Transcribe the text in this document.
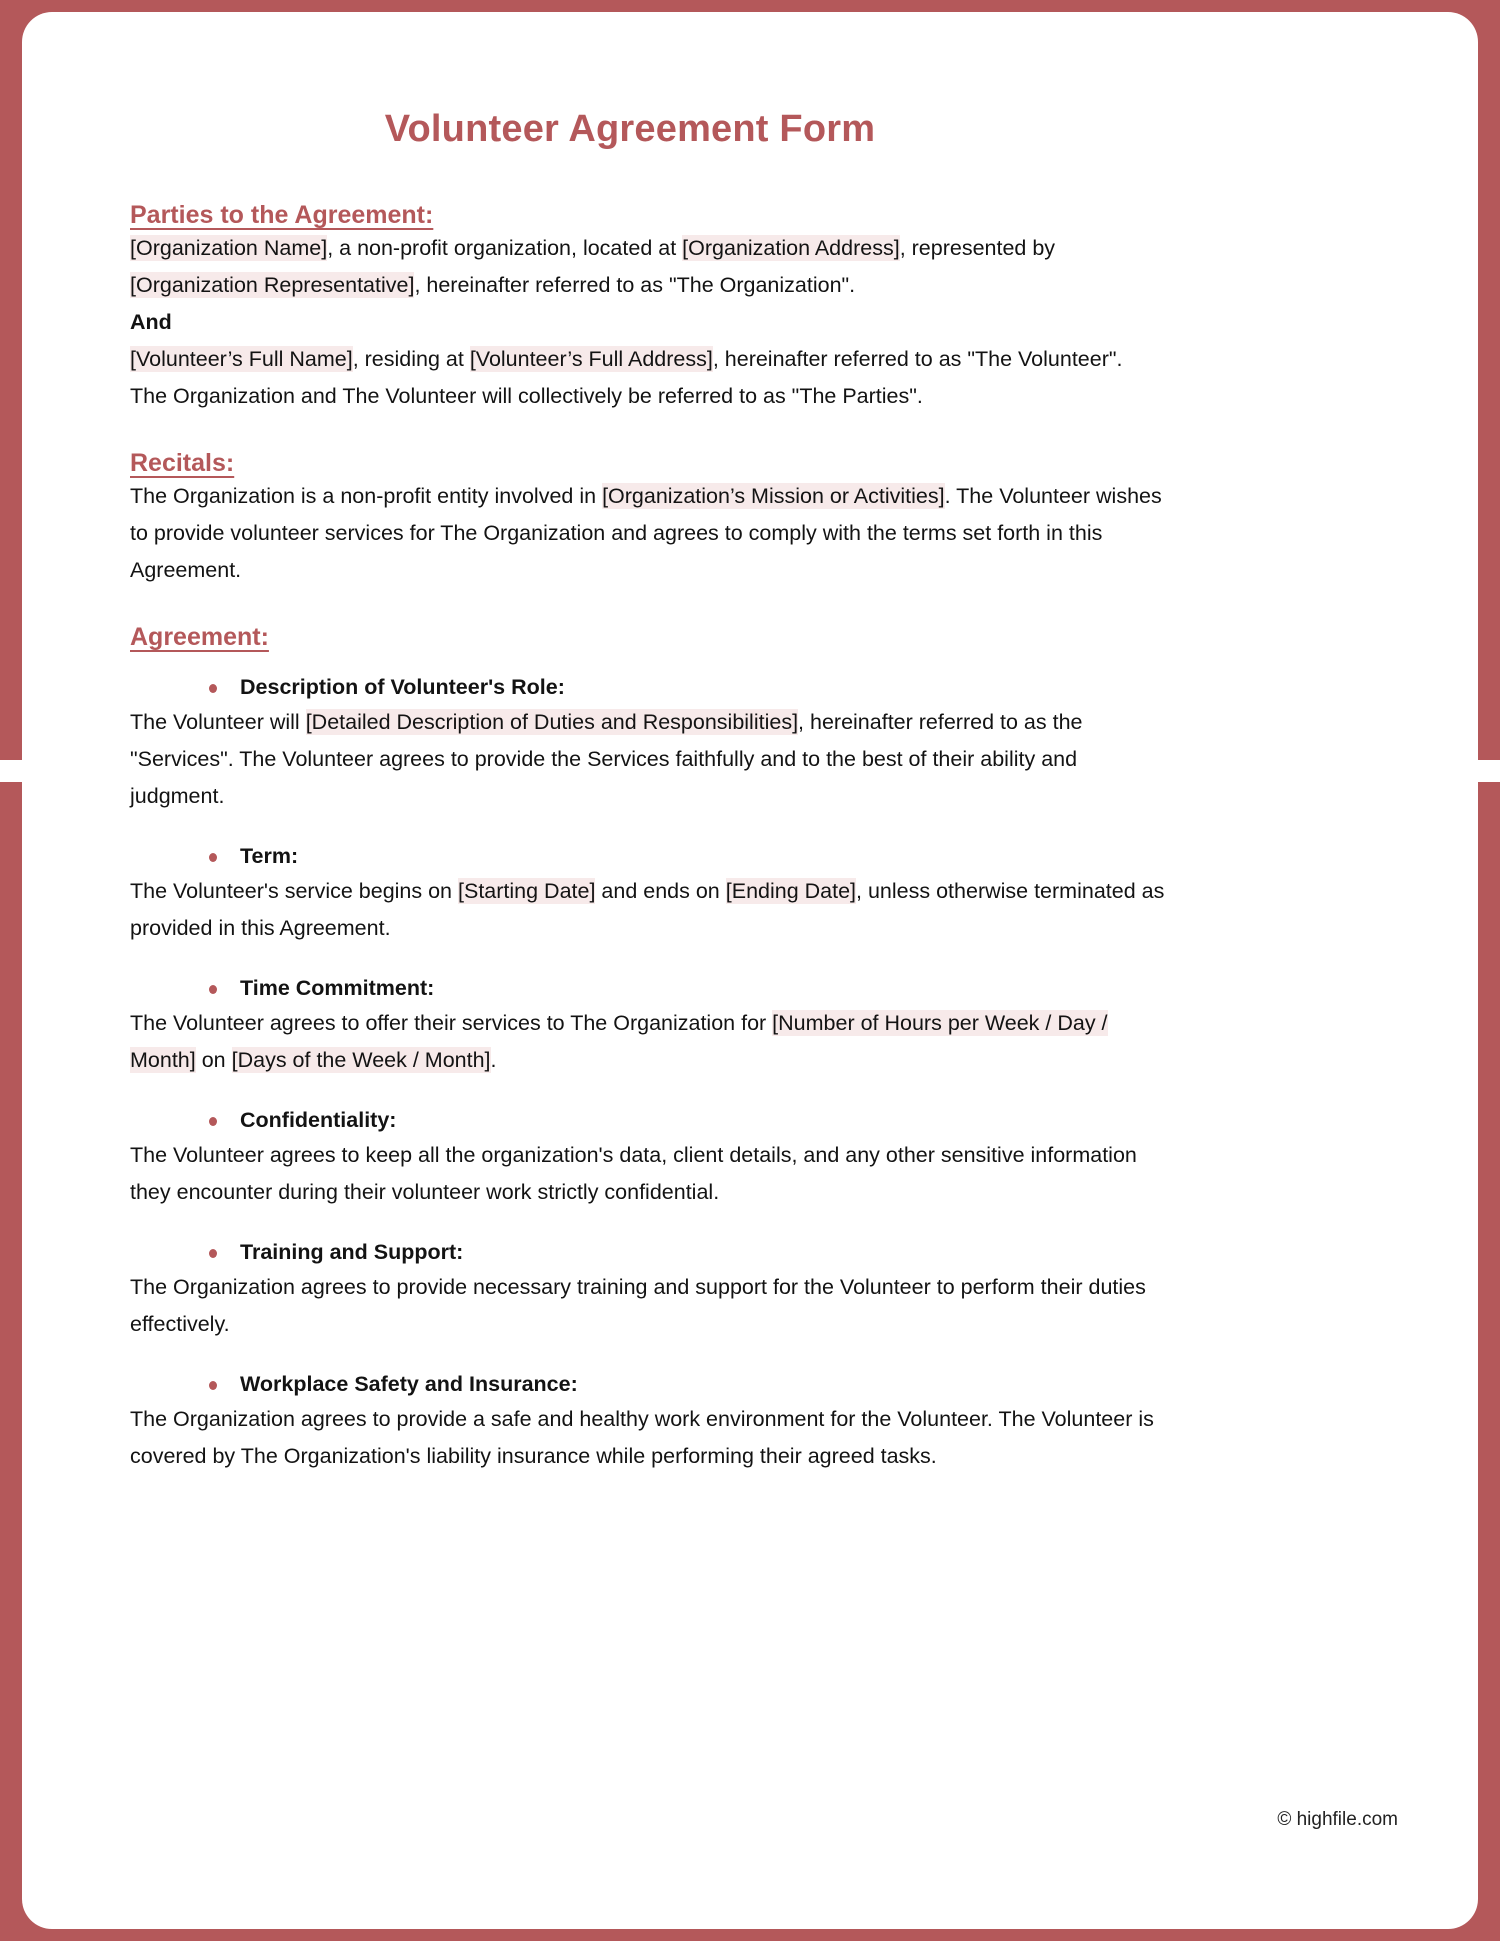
Volunteer Agreement Form
Parties to the Agreement:

[Organization Name], a non-profit organization, located at [Organization Address], represented by [Organization Representative], hereinafter referred to as "The Organization".

And

[Volunteer’s Full Name], residing at [Volunteer’s Full Address], hereinafter referred to as "The Volunteer".

The Organization and The Volunteer will collectively be referred to as "The Parties".

Recitals:

The Organization is a non-profit entity involved in [Organization’s Mission or Activities]. The Volunteer wishes to provide volunteer services for The Organization and agrees to comply with the terms set forth in this Agreement.

Agreement:
Description of Volunteer's Role:

The Volunteer will [Detailed Description of Duties and Responsibilities], hereinafter referred to as the "Services". The Volunteer agrees to provide the Services faithfully and to the best of their ability and judgment.

Term:

The Volunteer's service begins on [Starting Date] and ends on [Ending Date], unless otherwise terminated as provided in this Agreement.

Time Commitment:

The Volunteer agrees to offer their services to The Organization for [Number of Hours per Week / Day / Month] on [Days of the Week / Month].

Confidentiality:

The Volunteer agrees to keep all the organization's data, client details, and any other sensitive information they encounter during their volunteer work strictly confidential.

Training and Support:

The Organization agrees to provide necessary training and support for the Volunteer to perform their duties effectively.

Workplace Safety and Insurance:

The Organization agrees to provide a safe and healthy work environment for the Volunteer. The Volunteer is covered by The Organization's liability insurance while performing their agreed tasks.

© highfile.com
